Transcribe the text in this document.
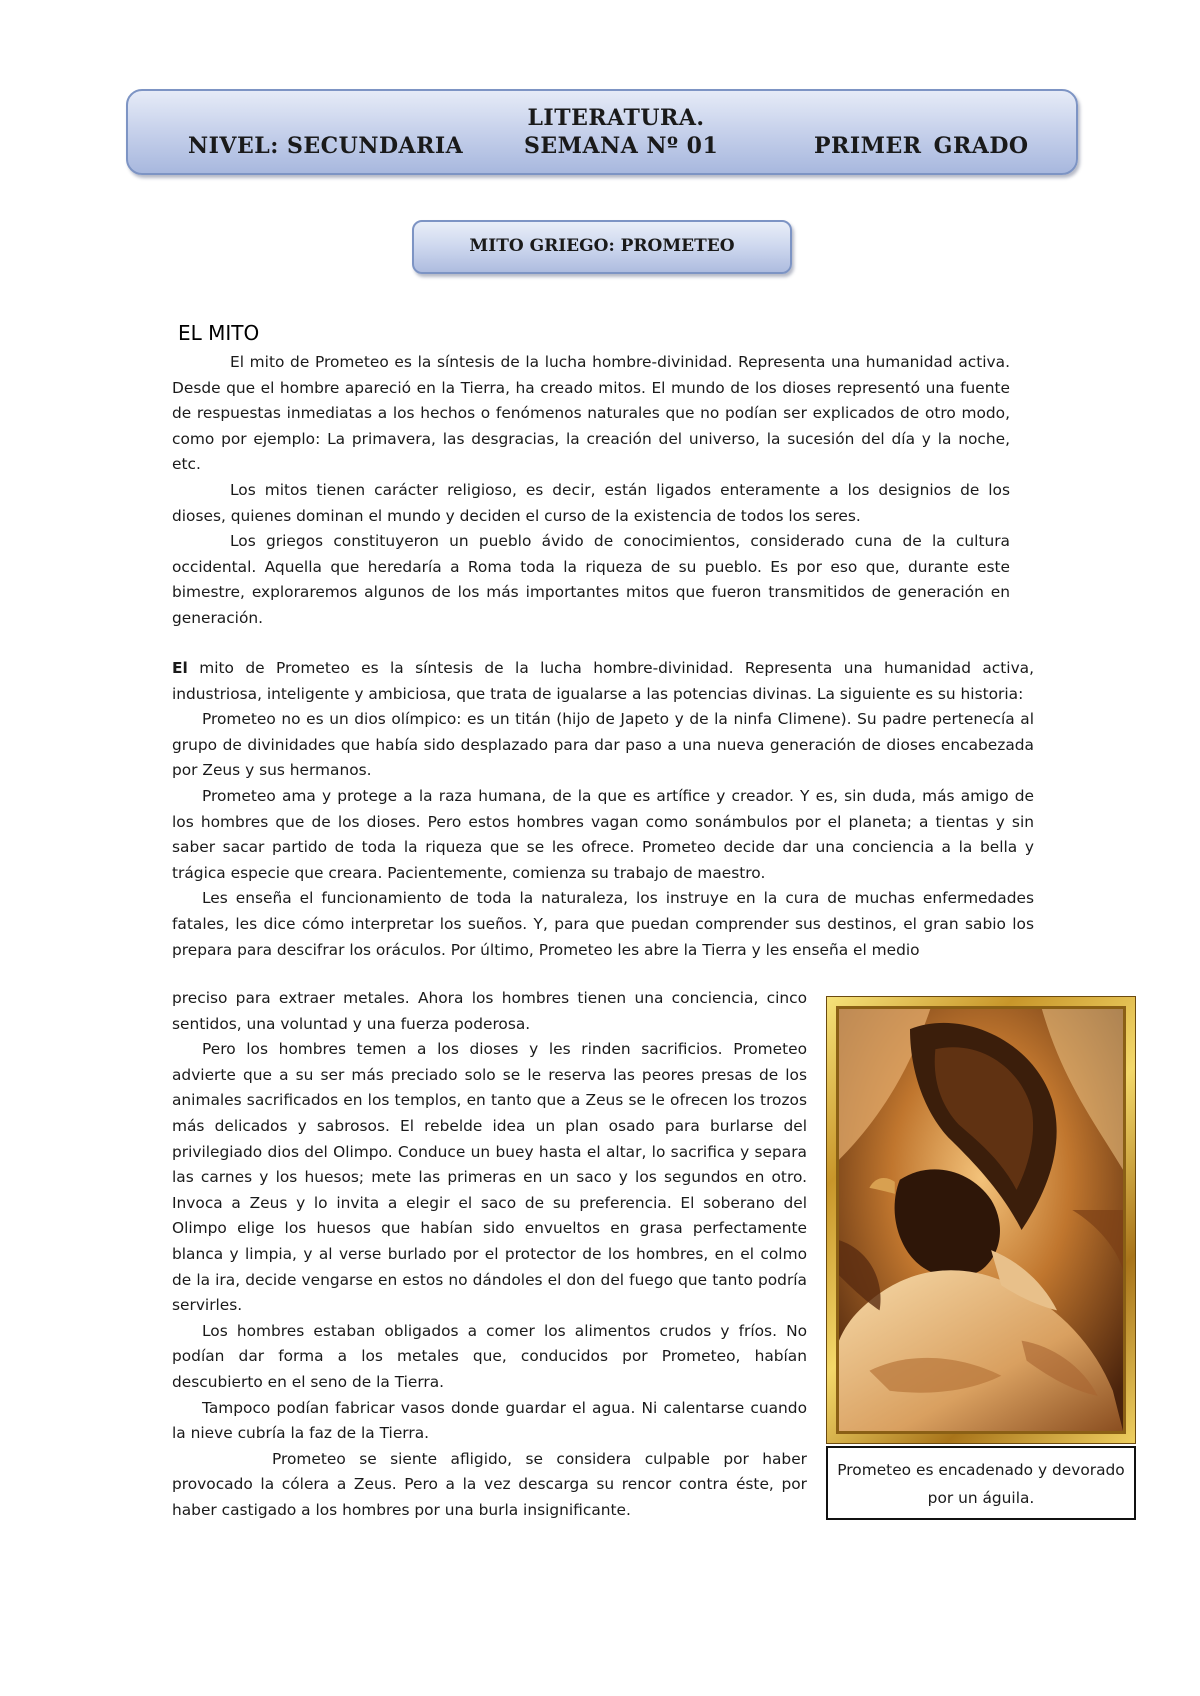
LITERATURA.
NIVEL: SECUNDARIA	SEMANA Nº 01	PRIMER GRADO
MITO GRIEGO: PROMETEO
EL MITO

El mito de Prometeo es la síntesis de la lucha hombre-divinidad. Representa una humanidad activa. Desde que el hombre apareció en la Tierra, ha creado mitos. El mundo de los dioses representó una fuente de respuestas inmediatas a los hechos o fenómenos naturales que no podían ser explicados de otro modo, como por ejemplo: La primavera, las desgracias, la creación del universo, la sucesión del día y la noche, etc.

Los mitos tienen carácter religioso, es decir, están ligados enteramente a los designios de los dioses, quienes dominan el mundo y deciden el curso de la existencia de todos los seres.

Los griegos constituyeron un pueblo ávido de conocimientos, considerado cuna de la cultura occidental. Aquella que heredaría a Roma toda la riqueza de su pueblo. Es por eso que, durante este bimestre, exploraremos algunos de los más importantes mitos que fueron transmitidos de generación en generación.

El mito de Prometeo es la síntesis de la lucha hombre-divinidad. Representa una humanidad activa, industriosa, inteligente y ambiciosa, que trata de igualarse a las potencias divinas. La siguiente es su historia:

Prometeo no es un dios olímpico: es un titán (hijo de Japeto y de la ninfa Climene). Su padre pertenecía al grupo de divinidades que había sido desplazado para dar paso a una nueva generación de dioses encabezada por Zeus y sus hermanos.

Prometeo ama y protege a la raza humana, de la que es artífice y creador. Y es, sin duda, más amigo de los hombres que de los dioses. Pero estos hombres vagan como sonámbulos por el planeta; a tientas y sin saber sacar partido de toda la riqueza que se les ofrece. Prometeo decide dar una conciencia a la bella y trágica especie que creara. Pacientemente, comienza su trabajo de maestro.

Les enseña el funcionamiento de toda la naturaleza, los instruye en la cura de muchas enfermedades fatales, les dice cómo interpretar los sueños. Y, para que puedan comprender sus destinos, el gran sabio los prepara para descifrar los oráculos. Por último, Prometeo les abre la Tierra y les enseña el medio

preciso para extraer metales. Ahora los hombres tienen una conciencia, cinco sentidos, una voluntad y una fuerza poderosa.

Pero los hombres temen a los dioses y les rinden sacrificios. Prometeo advierte que a su ser más preciado solo se le reserva las peores presas de los animales sacrificados en los templos, en tanto que a Zeus se le ofrecen los trozos más delicados y sabrosos. El rebelde idea un plan osado para burlarse del privilegiado dios del Olimpo. Conduce un buey hasta el altar, lo sacrifica y separa las carnes y los huesos; mete las primeras en un saco y los segundos en otro. Invoca a Zeus y lo invita a elegir el saco de su preferencia. El soberano del Olimpo elige los huesos que habían sido envueltos en grasa perfectamente blanca y limpia, y al verse burlado por el protector de los hombres, en el colmo de la ira, decide vengarse en estos no dándoles el don del fuego que tanto podría servirles.

Los hombres estaban obligados a comer los alimentos crudos y fríos. No podían dar forma a los metales que, conducidos por Prometeo, habían descubierto en el seno de la Tierra.

Tampoco podían fabricar vasos donde guardar el agua. Ni calentarse cuando la nieve cubría la faz de la Tierra.

Prometeo se siente afligido, se considera culpable por haber provocado la cólera a Zeus. Pero a la vez descarga su rencor contra éste, por haber castigado a los hombres por una burla insignificante.

Prometeo es encadenado y devorado por un águila.
